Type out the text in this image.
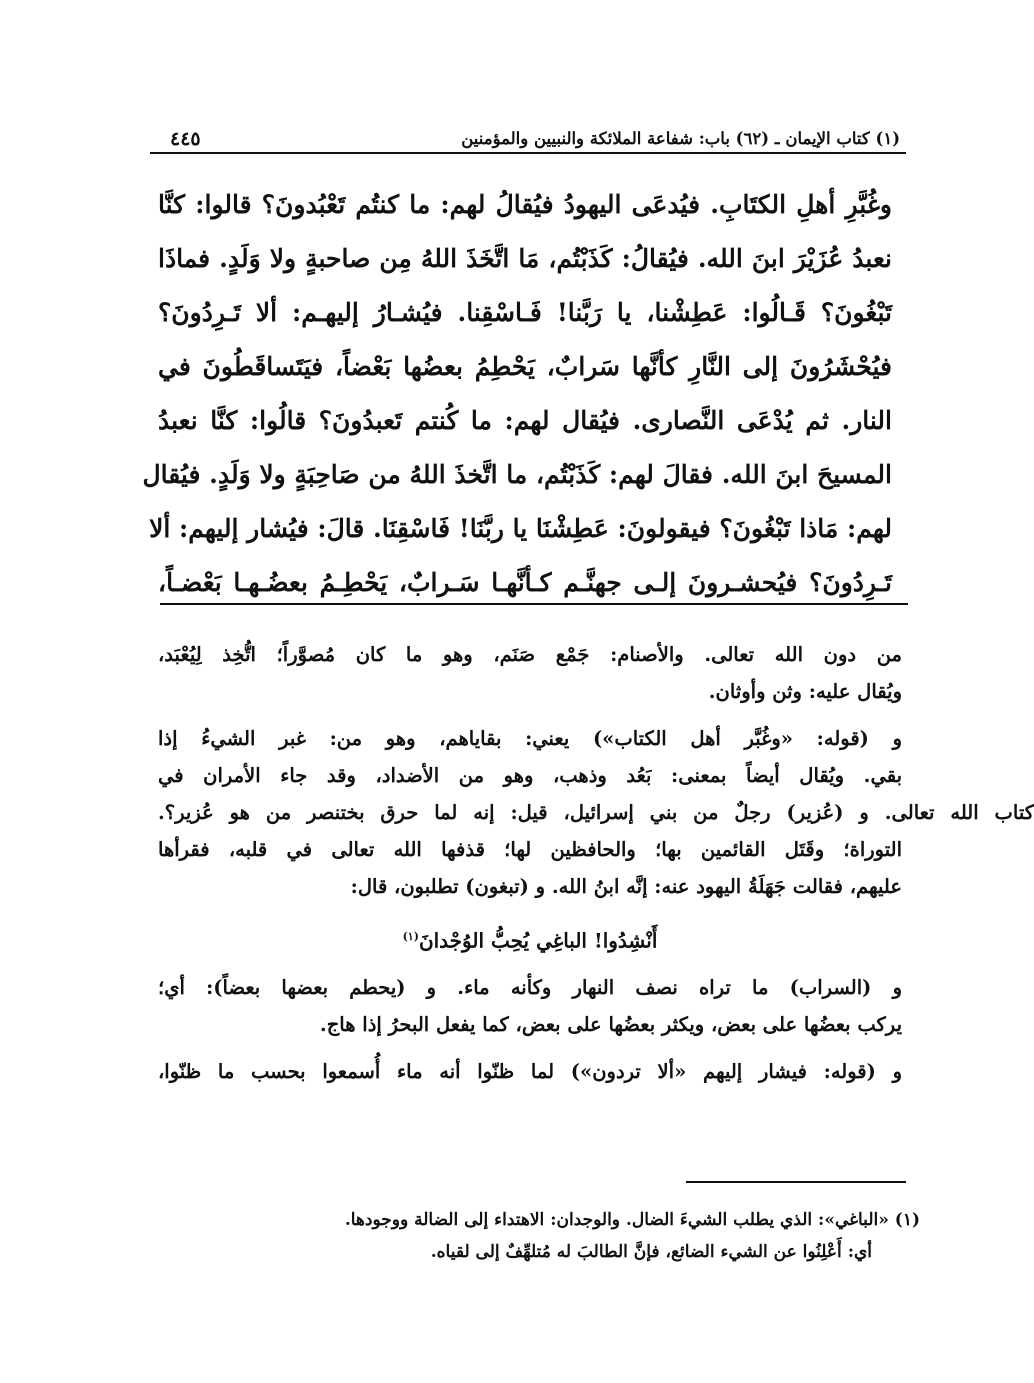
(١) كتاب الإيمان ـ (٦٢) باب: شفاعة الملائكة والنبيين والمؤمنين
٤٤٥
وغُبَّرِ أهلِ الكتَابِ. فيُدعَى اليهودُ فيُقالُ لهم: ما كنتُم تَعْبُدونَ؟ قالوا: كنَّا
نعبدُ عُزَيْرَ ابنَ الله. فيُقالُ: كَذَبْتُم، مَا اتَّخَذَ اللهُ مِن صاحبةٍ ولا وَلَدٍ. فماذَا
تَبْغُونَ؟ قَـالُوا: عَطِشْنا، يا رَبَّنا! فَـاسْقِنا. فيُشـارُ إليهـم: ألا تَـرِدُونَ؟
فيُحْشَرُونَ إلى النَّارِ كأنَّها سَرابٌ، يَحْطِمُ بعضُها بَعْضاً، فيَتَساقَطُونَ في
النار. ثم يُدْعَى النَّصارى. فيُقال لهم: ما كُنتم تَعبدُونَ؟ قالُوا: كنَّا نعبدُ
المسيحَ ابنَ الله. فقالَ لهم: كَذَبْتُم، ما اتَّخذَ اللهُ من صَاحِبَةٍ ولا وَلَدٍ. فيُقال
لهم: مَاذا تَبْغُونَ؟ فيقولونَ: عَطِشْنَا يا ربَّنَا! فَاسْقِنَا. قالَ: فيُشار إليهم: ألا
تَـرِدُونَ؟ فيُحشـرونَ إلـى جهنَّـم كـأنَّهـا سَـرابٌ، يَحْطِـمُ بعضُـهـا بَعْضـاً،
من دون الله تعالى. والأصنام: جَمْع صَنَم، وهو ما كان مُصوَّراً؛ اتُّخِذ لِيُعْبَد،
ويُقال عليه: وثن وأوثان.
و (قوله: «وغُبَّر أهل الكتاب») يعني: بقاياهم، وهو من: غبر الشيءُ إذا
بقي. ويُقال أيضاً بمعنى: بَعُد وذهب، وهو من الأضداد، وقد جاء الأمران في
كتاب الله تعالى. و (عُزير) رجلٌ من بني إسرائيل، قيل: إنه لما حرق بختنصر من هو عُزير؟.
التوراة؛ وقَتَل القائمين بها؛ والحافظين لها؛ قذفها الله تعالى في قلبه، فقرأها
عليهم، فقالت جَهَلَةُ اليهود عنه: إنَّه ابنُ الله. و (تبغون) تطلبون، قال:
أَنْشِدُوا! الباغِي يُحِبُّ الوُجْدانَ$^{(١)}$
و (السراب) ما تراه نصف النهار وكأنه ماء. و (يحطم بعضها بعضاً): أي؛
يركب بعضُها على بعض، ويكثر بعضُها على بعض، كما يفعل البحرُ إذا هاج.
و (قوله: فيشار إليهم «ألا تردون») لما ظنّوا أنه ماء أُسمعوا بحسب ما ظنّوا،
(١) «الباغي»: الذي يطلب الشيءَ الضال. والوجدان: الاهتداء إلى الضالة ووجودها.
أي: أَعْلِنُوا عن الشيء الضائع، فإنَّ الطالبَ له مُتلهِّفٌ إلى لقياه.
